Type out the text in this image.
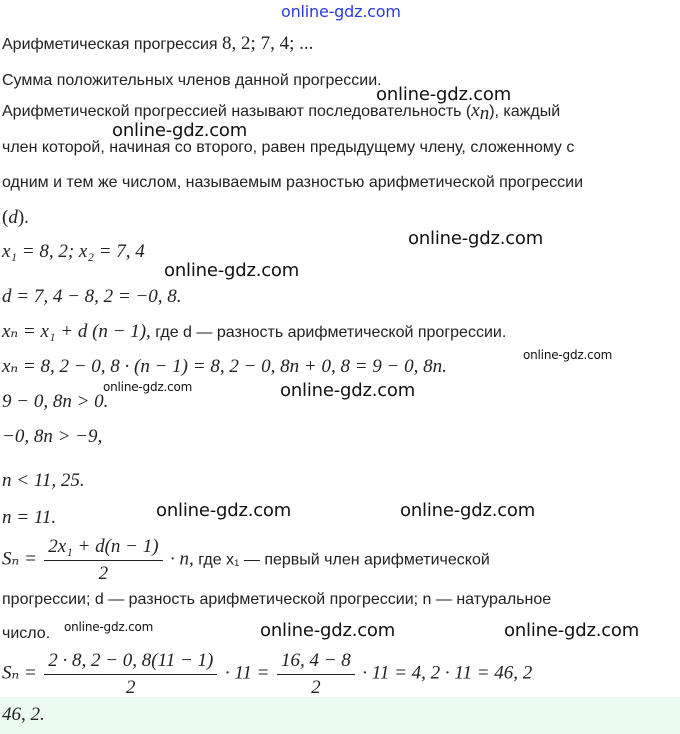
online-gdz.com
online-gdz.com
online-gdz.com
online-gdz.com
online-gdz.com
online-gdz.com
online-gdz.com	online-gdz.com
online-gdz.com	online-gdz.com
online-gdz.com	online-gdz.com	online-gdz.com
Арифметическая прогрессия 8, 2; 7, 4; ...
Сумма положительных членов данной прогрессии.
Арифметической прогрессией называют последовательность $(x_n)$, каждый
член которой, начиная со второго, равен предыдущему члену, сложенному с
одним и тем же числом, называемым разностью арифметической прогрессии
(d).
x₁ = 8, 2; x₂ = 7, 4
d = 7, 4 − 8, 2 = −0, 8.
xₙ = x₁ + d (n − 1), где d — разность арифметической прогрессии.
xₙ = 8, 2 − 0, 8 · (n − 1) = 8, 2 − 0, 8n + 0, 8 = 9 − 0, 8n.
9 − 0, 8n > 0.
−0, 8n > −9,
n < 11, 25.
n = 11.
$S_n = \frac{\text{2x₁ + d(n − 1)}}{2} \cdot n$, где x₁ — первый член арифметической
прогрессии; d — разность арифметической прогрессии; n — натуральное
число.
$S_n = \frac{2 \cdot 8, 2 - 0, 8(11 - 1)}{2} \cdot 11 = \frac{16, 4 - 8}{2} \cdot 11 = 4$, 2 · 11 = 46, 2
46, 2.
